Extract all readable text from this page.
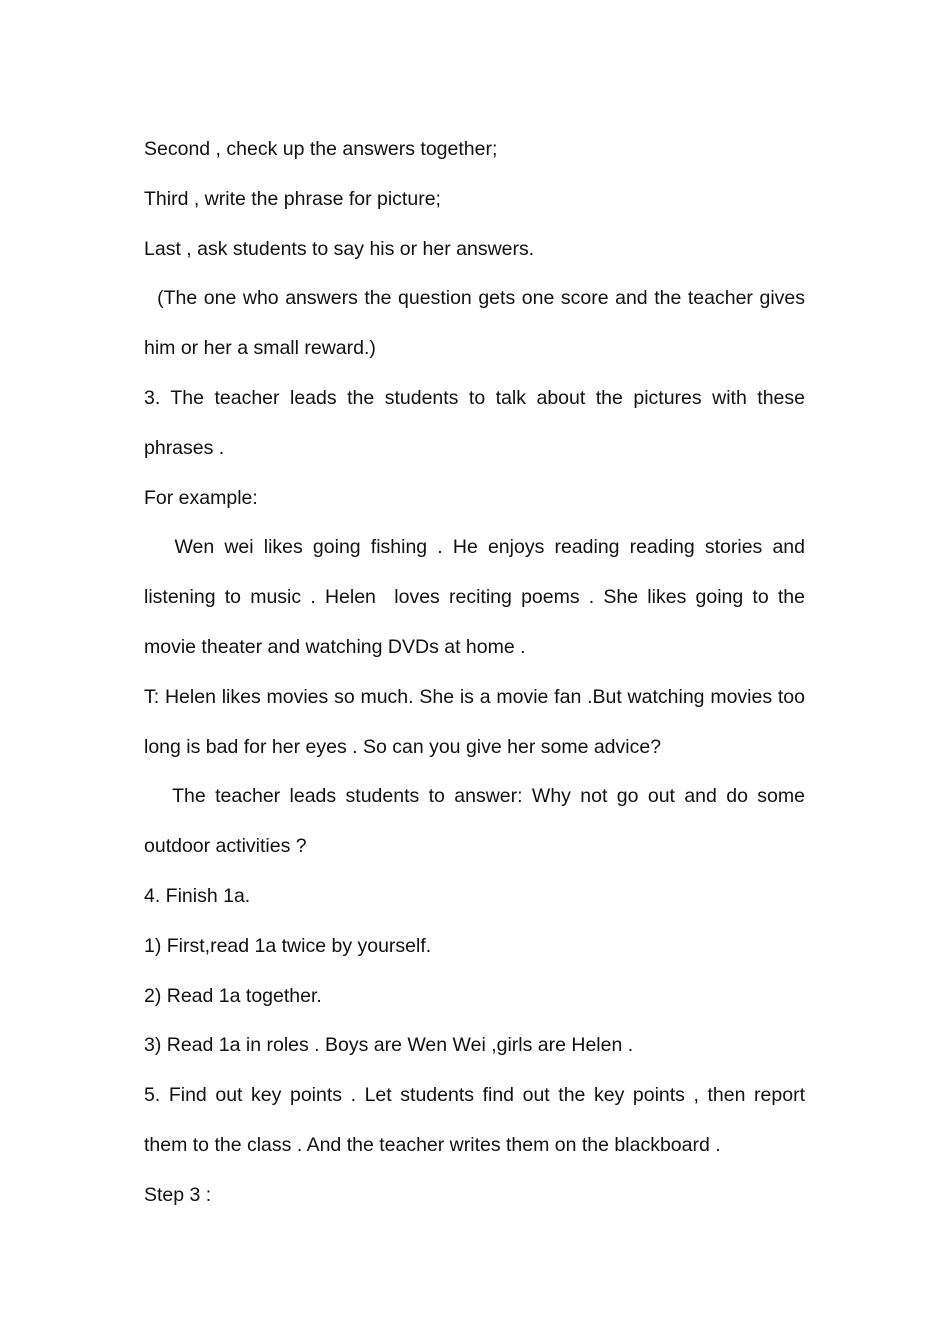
Second , check up the answers together;

Third , write the phrase for picture;

Last , ask students to say his or her answers.

(The one who answers the question gets one score and the teacher gives him or her a small reward.)

3. The teacher leads the students to talk about the pictures with these phrases .

For example:

Wen wei likes going fishing . He enjoys reading reading stories and listening to music . Helen  loves reciting poems . She likes going to the movie theater and watching DVDs at home .

T: Helen likes movies so much. She is a movie fan .But watching movies too long is bad for her eyes . So can you give her some advice?

The teacher leads students to answer: Why not go out and do some outdoor activities ?

4. Finish 1a.

1) First,read 1a twice by yourself.

2) Read 1a together.

3) Read 1a in roles . Boys are Wen Wei ,girls are Helen .

5. Find out key points . Let students find out the key points , then report them to the class . And the teacher writes them on the blackboard .

Step 3 :
